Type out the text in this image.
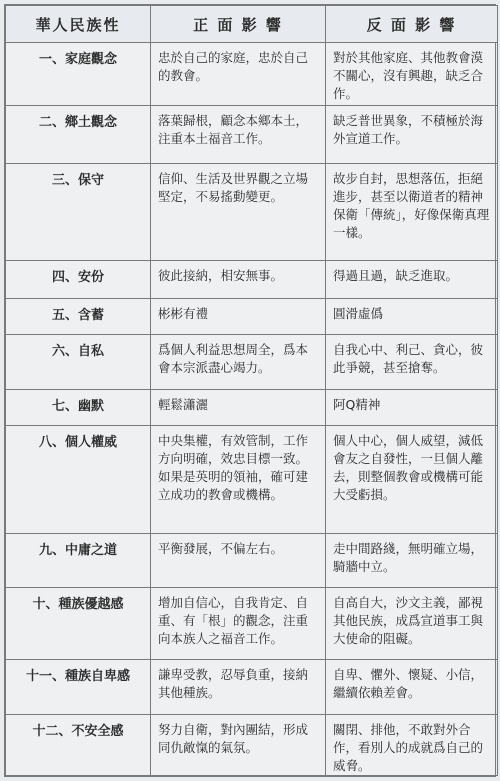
華人民族性	正 面 影 響	反 面 影 響
一、家庭觀念	忠於自己的家庭，忠於自己的教會。	對於其他家庭、其他教會漠不關心，沒有興趣，缺乏合作。
二、鄉土觀念	落葉歸根，顧念本鄉本土，注重本土福音工作。	缺乏普世異象，不積極於海外宣道工作。
三、保守	信仰、生活及世界觀之立場堅定，不易搖動變更。	故步自封，思想落伍，拒絕進步，甚至以衛道者的精神保衛「傳統」，好像保衛真理一樣。
四、安份	彼此接納，相安無事。	得過且過，缺乏進取。
五、含蓄	彬彬有禮	圓滑虛僞
六、自私	爲個人利益思想周全，爲本會本宗派盡心竭力。	自我心中、利己、貪心，彼此爭競，甚至搶奪。
七、幽默	輕鬆瀟灑	阿Q精神
八、個人權威	中央集權，有效管制，工作方向明確，效忠目標一致。如果是英明的領袖，確可建立成功的教會或機構。	個人中心，個人威望，減低會友之自發性，一旦個人離去，則整個教會或機構可能大受虧損。
九、中庸之道	平衡發展，不偏左右。	走中間路綫，無明確立場，騎牆中立。
十、種族優越感	增加自信心，自我肯定、自重、有「根」的觀念，注重向本族人之福音工作。	自高自大，沙文主義，鄙視其他民族，成爲宣道事工與大使命的阻礙。
十一、種族自卑感	謙卑受教，忍辱負重，接納其他種族。	自卑、懼外、懷疑、小信，繼續依賴差會。
十二、不安全感	努力自衛，對內團結，形成同仇敵愾的氣氛。	關閉、排他，不敢對外合作，看別人的成就爲自己的威脅。
